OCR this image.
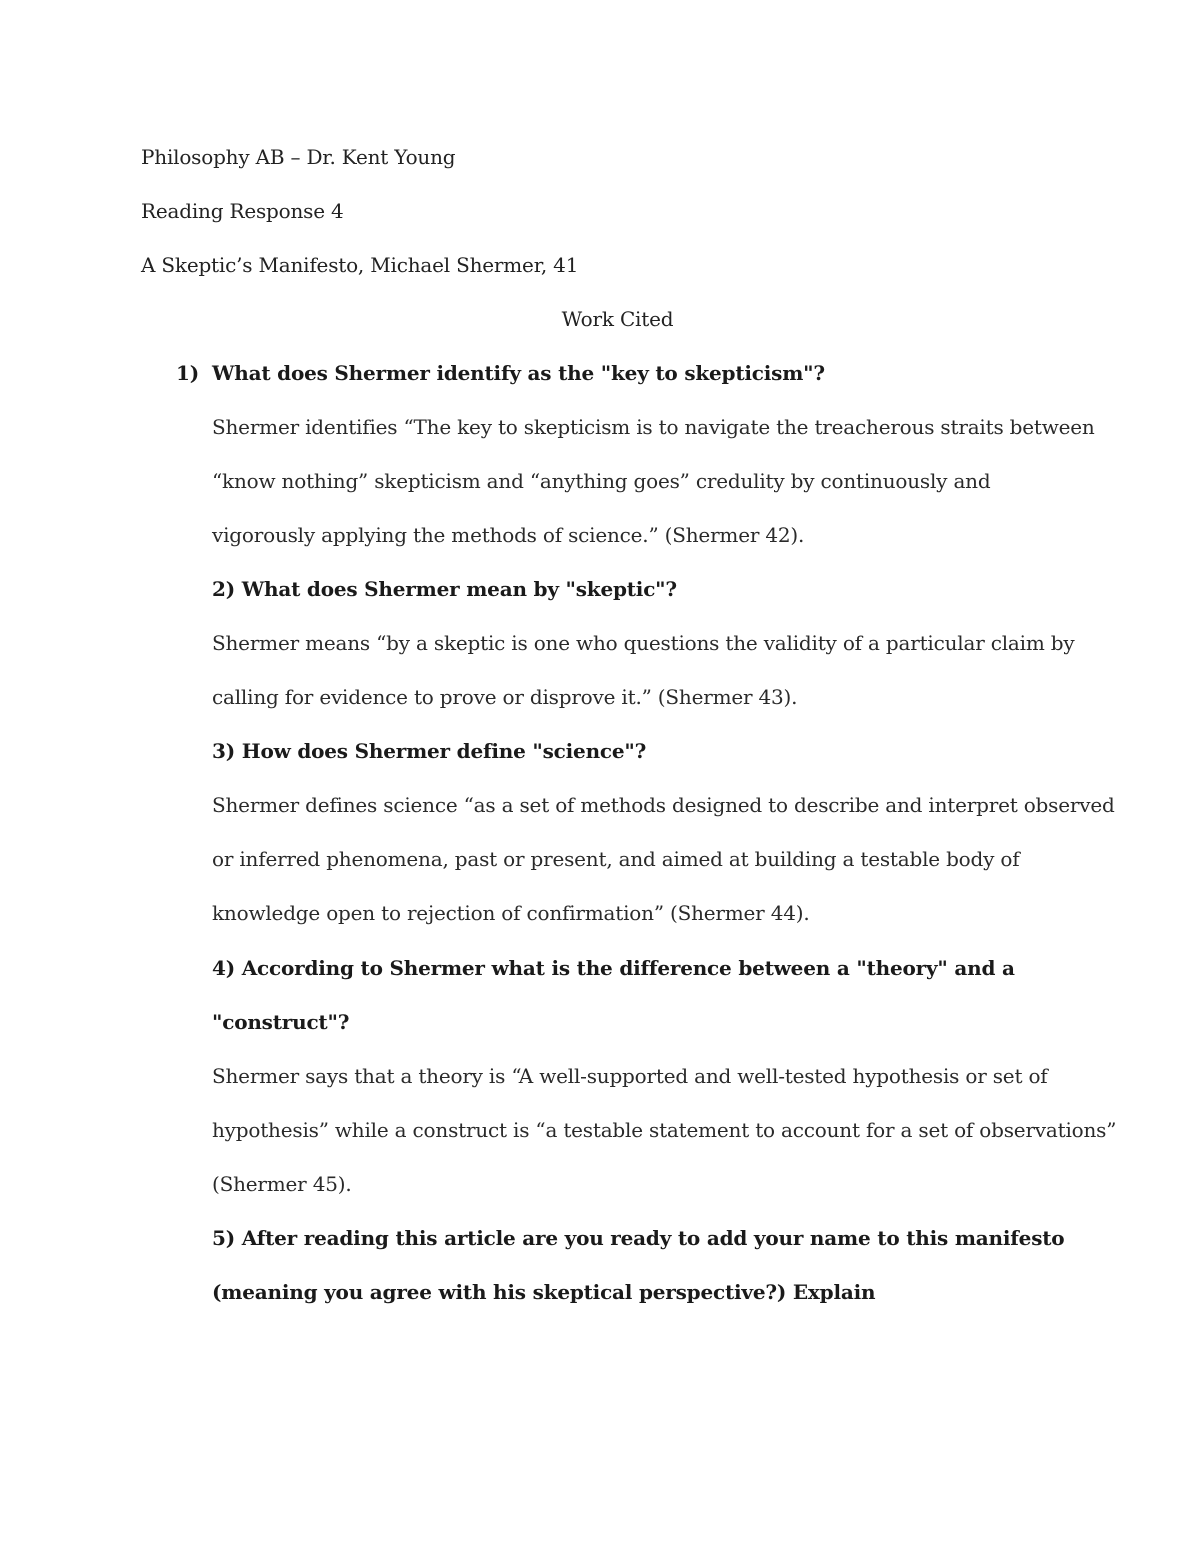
Philosophy AB – Dr. Kent Young

Reading Response 4

A Skeptic’s Manifesto, Michael Shermer, 41

Work Cited

1) What does Shermer identify as the "key to skepticism"?

Shermer identifies “The key to skepticism is to navigate the treacherous straits between

“know nothing” skepticism and “anything goes” credulity by continuously and

vigorously applying the methods of science.” (Shermer 42).

2) What does Shermer mean by "skeptic"?

Shermer means “by a skeptic is one who questions the validity of a particular claim by

calling for evidence to prove or disprove it.” (Shermer 43).

3) How does Shermer define "science"?

Shermer defines science “as a set of methods designed to describe and interpret observed

or inferred phenomena, past or present, and aimed at building a testable body of

knowledge open to rejection of confirmation” (Shermer 44).

4) According to Shermer what is the difference between a "theory" and a

"construct"?

Shermer says that a theory is “A well-supported and well-tested hypothesis or set of

hypothesis” while a construct is “a testable statement to account for a set of observations”

(Shermer 45).

5) After reading this article are you ready to add your name to this manifesto

(meaning you agree with his skeptical perspective?) Explain
